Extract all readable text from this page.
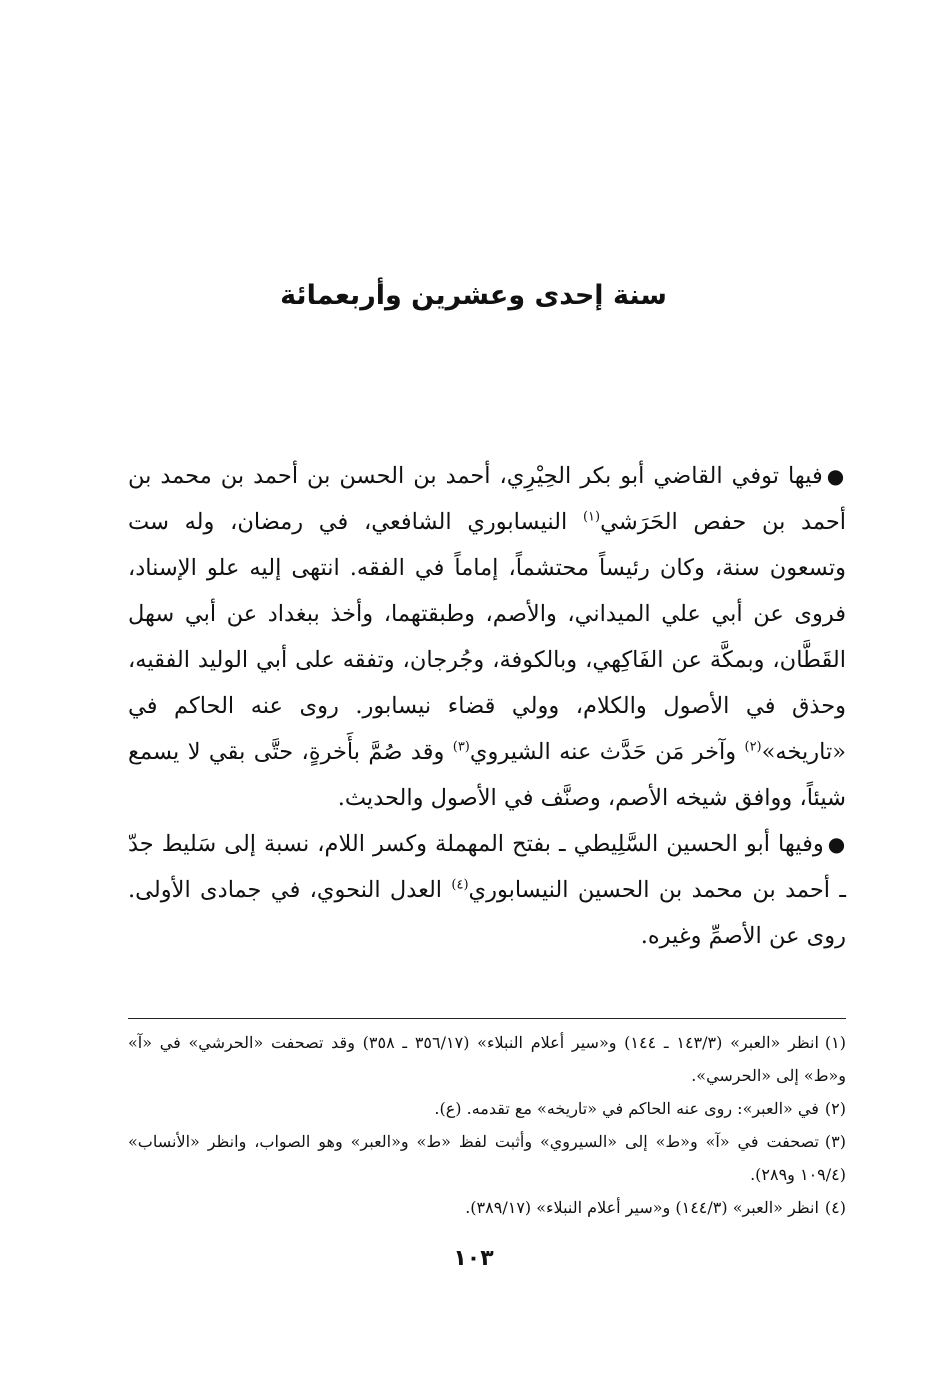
سنة إحدى وعشرين وأربعمائة

●فيها توفي القاضي أبو بكر الحِيْرِي، أحمد بن الحسن بن أحمد بن محمد بن أحمد بن حفص الحَرَشي$^{(١)}$ النيسابوري الشافعي، في رمضان، وله ست وتسعون سنة، وكان رئيساً محتشماً، إماماً في الفقه. انتهى إليه علو الإسناد، فروى عن أبي علي الميداني، والأصم، وطبقتهما، وأخذ ببغداد عن أبي سهل القَطَّان، وبمكَّة عن الفَاكِهي، وبالكوفة، وجُرجان، وتفقه على أبي الوليد الفقيه، وحذق في الأصول والكلام، وولي قضاء نيسابور. روى عنه الحاكم في «تاريخه»$^{(٢)}$ وآخر مَن حَدَّث عنه الشيروي$^{(٣)}$ وقد صُمَّ بأَخرةٍ، حتَّى بقي لا يسمع شيئاً، ووافق شيخه الأصم، وصنَّف في الأصول والحديث.

●وفيها أبو الحسين السَّلِيطي ـ بفتح المهملة وكسر اللام، نسبة إلى سَليط جدّ ـ أحمد بن محمد بن الحسين النيسابوري$^{(٤)}$ العدل النحوي، في جمادى الأولى. روى عن الأصمِّ وغيره.

(١)انظر «العبر» (١٤٣/٣ ـ ١٤٤) و«سير أعلام النبلاء» (٣٥٦/١٧ ـ ٣٥٨) وقد تصحفت «الحرشي» في «آ» و«ط» إلى «الحرسي».

(٢)في «العبر»: روى عنه الحاكم في «تاريخه» مع تقدمه. (ع).

(٣)تصحفت في «آ» و«ط» إلى «السيروي» وأثبت لفظ «ط» و«العبر» وهو الصواب، وانظر «الأنساب» (١٠٩/٤ و٢٨٩).

(٤)انظر «العبر» (١٤٤/٣) و«سير أعلام النبلاء» (٣٨٩/١٧).

١٠٣
